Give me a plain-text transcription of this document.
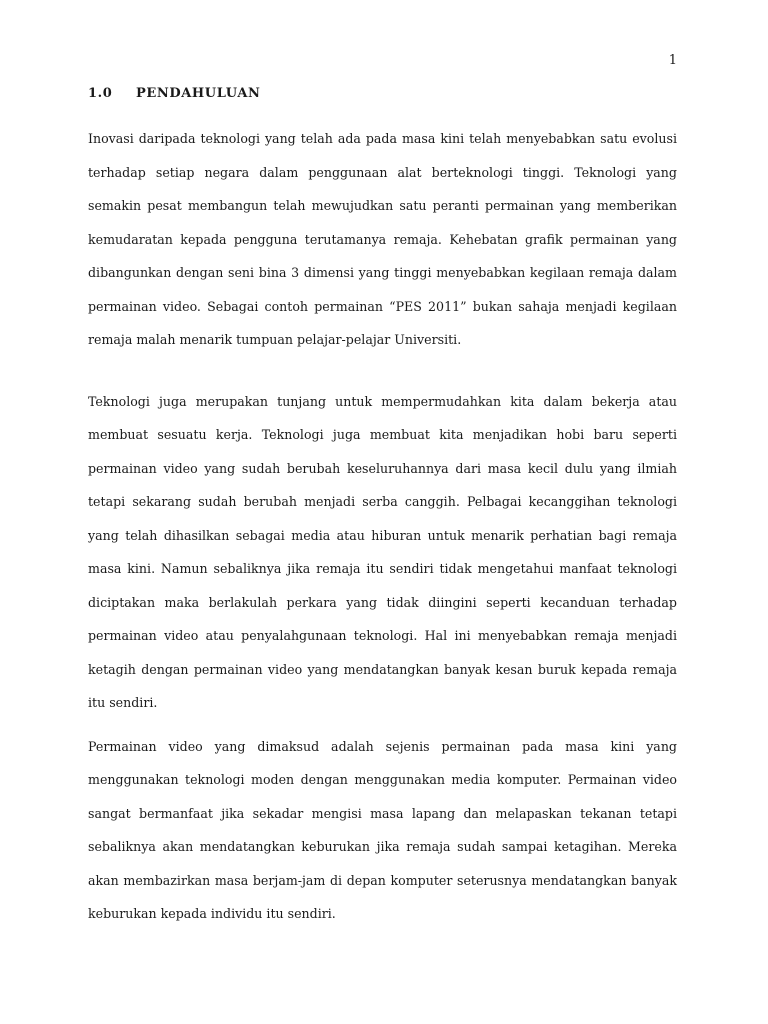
1
1.0	PENDAHULUAN

Inovasi daripada teknologi yang telah ada pada masa kini telah menyebabkan satu evolusi terhadap setiap negara dalam penggunaan alat berteknologi tinggi. Teknologi yang semakin pesat membangun telah mewujudkan satu peranti permainan yang memberikan kemudaratan kepada pengguna terutamanya remaja. Kehebatan grafik permainan yang dibangunkan dengan seni bina 3 dimensi yang tinggi menyebabkan kegilaan remaja dalam permainan video. Sebagai contoh permainan “PES 2011” bukan sahaja menjadi kegilaan remaja malah menarik tumpuan pelajar-pelajar Universiti.

Teknologi juga merupakan tunjang untuk mempermudahkan kita dalam bekerja atau membuat sesuatu kerja. Teknologi juga membuat kita menjadikan hobi baru seperti permainan video yang sudah berubah keseluruhannya dari masa kecil dulu yang ilmiah tetapi sekarang sudah berubah menjadi serba canggih. Pelbagai kecanggihan teknologi yang telah dihasilkan sebagai media atau hiburan untuk menarik perhatian bagi remaja masa kini. Namun sebaliknya jika remaja itu sendiri tidak mengetahui manfaat teknologi diciptakan maka berlakulah perkara yang tidak diingini seperti kecanduan terhadap permainan video atau penyalahgunaan teknologi. Hal ini menyebabkan remaja menjadi ketagih dengan permainan video yang mendatangkan banyak kesan buruk kepada remaja itu sendiri.

Permainan video yang dimaksud adalah sejenis permainan pada masa kini yang menggunakan teknologi moden dengan menggunakan media komputer. Permainan video sangat bermanfaat jika sekadar mengisi masa lapang dan melapaskan tekanan tetapi sebaliknya akan mendatangkan keburukan jika remaja sudah sampai ketagihan. Mereka akan membazirkan masa berjam-jam di depan komputer seterusnya mendatangkan banyak keburukan kepada individu itu sendiri.
